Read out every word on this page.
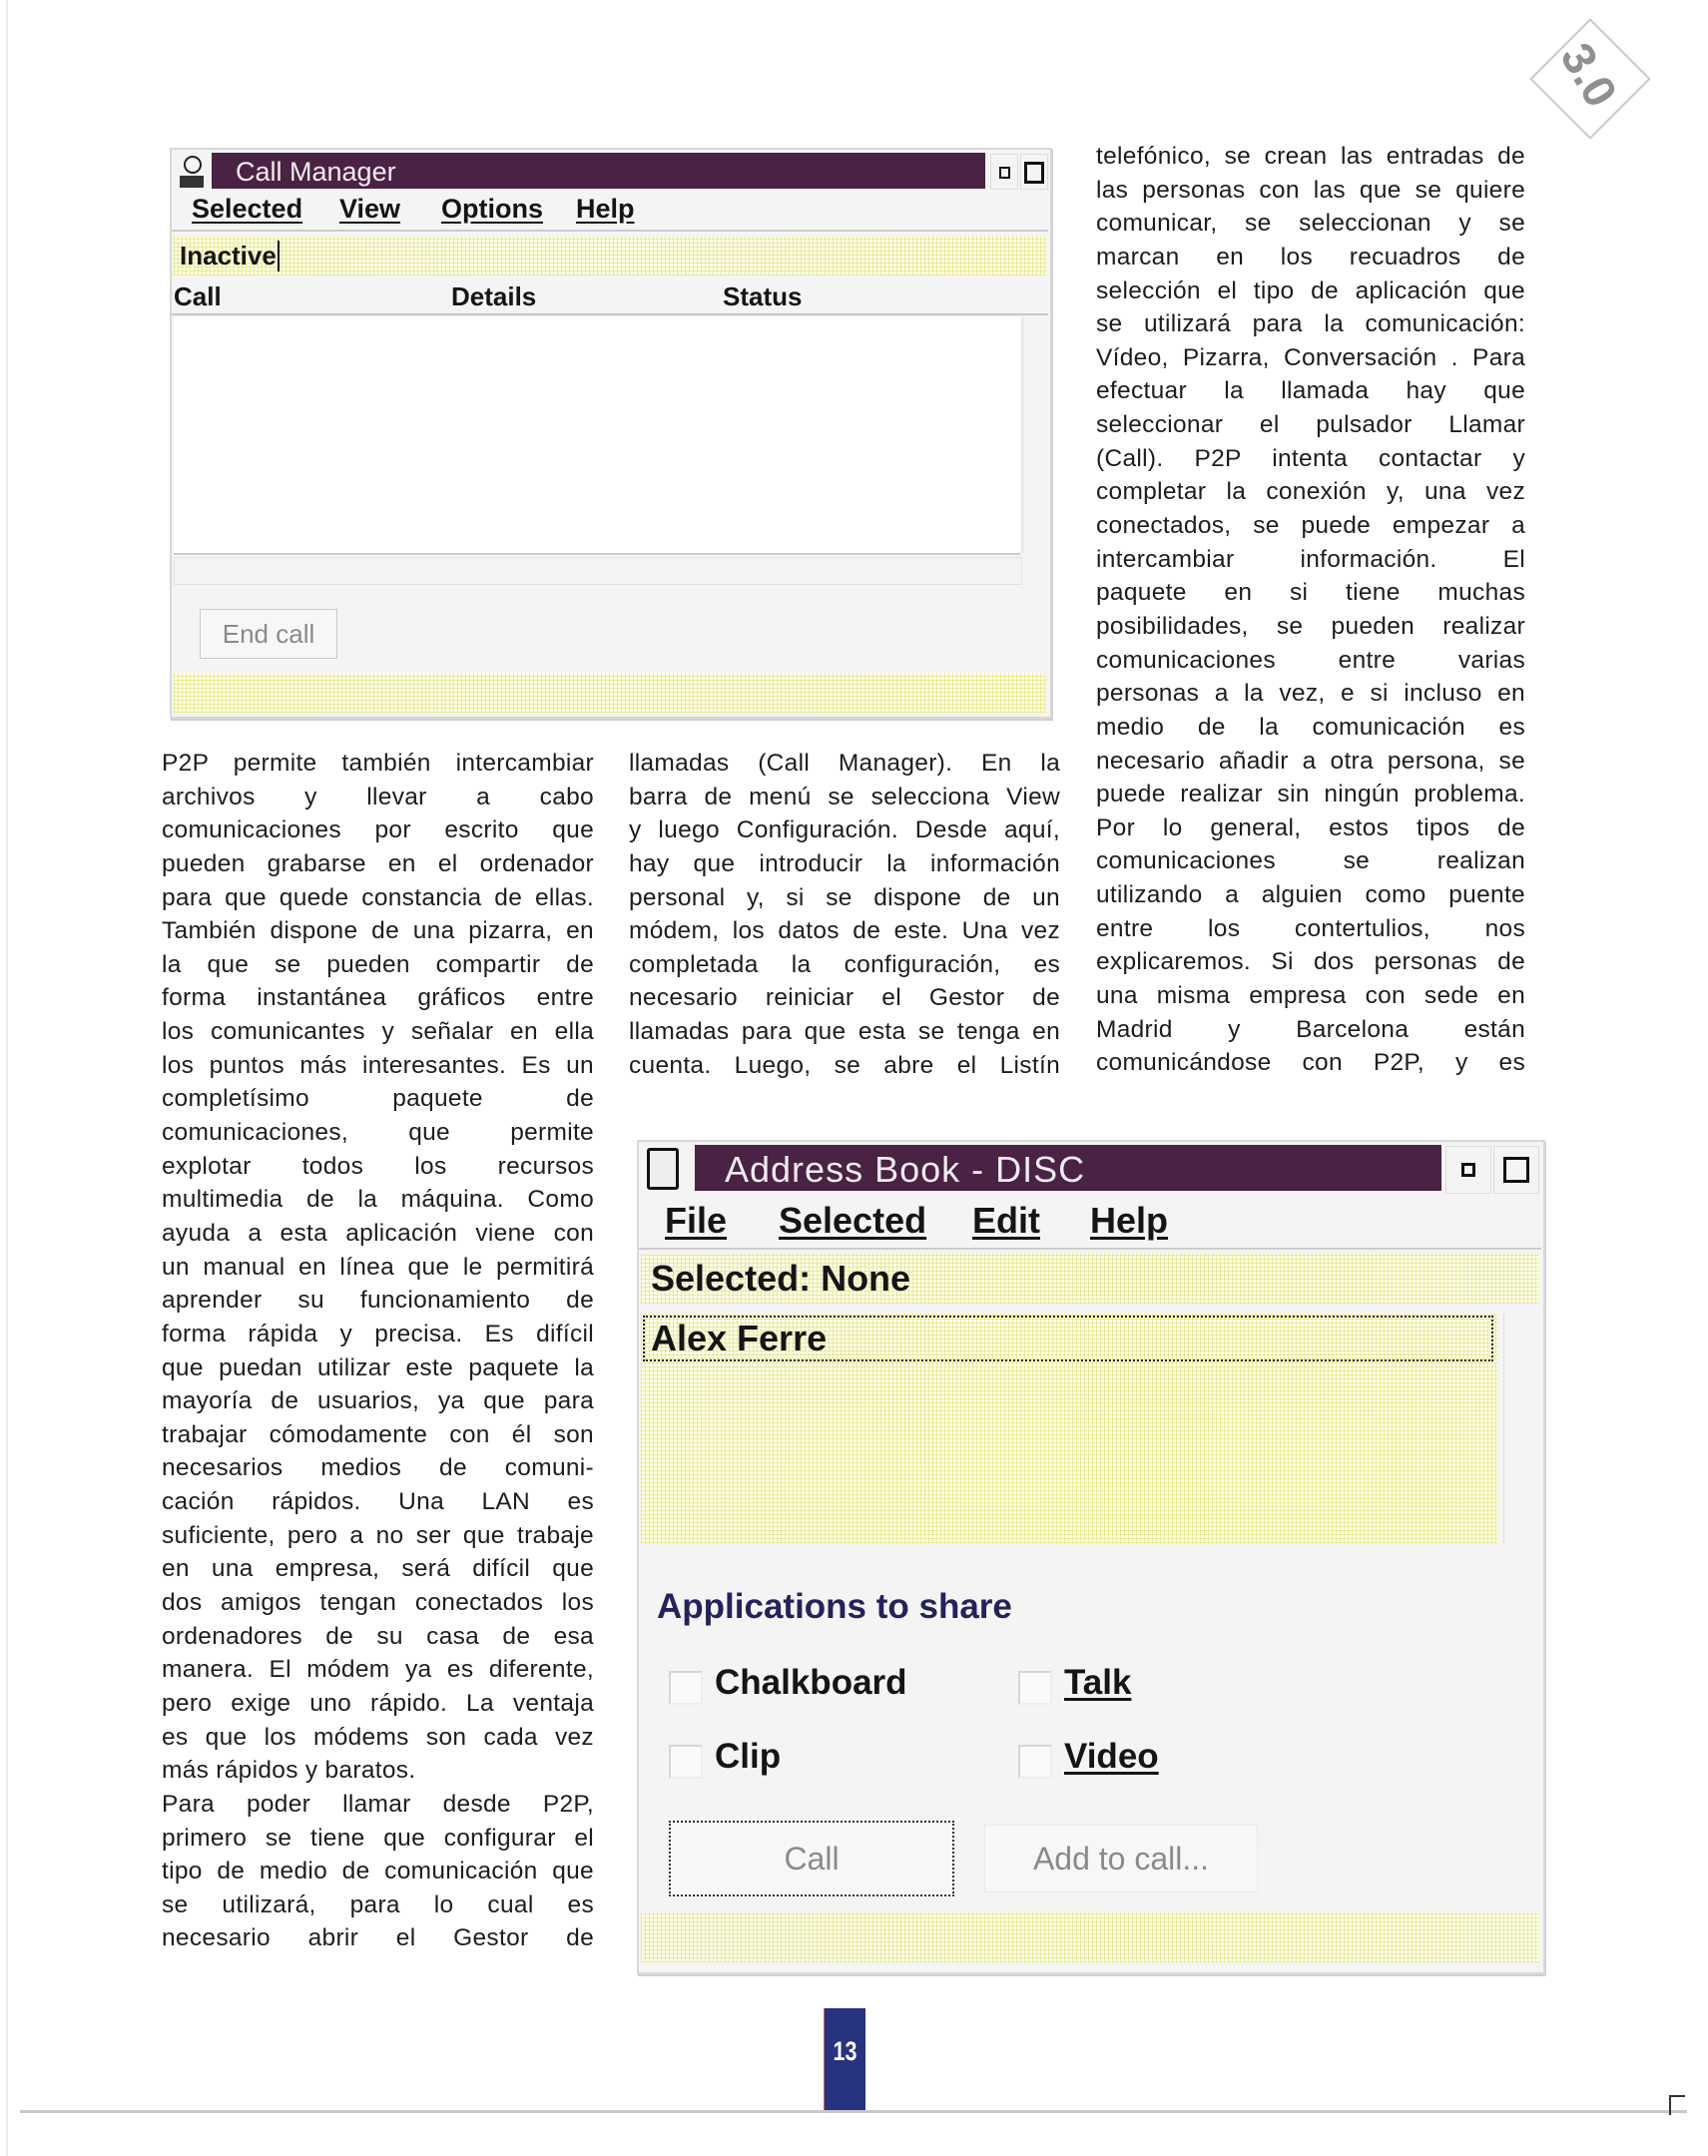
3.0
Call Manager
Selected View Options Help
Inactive
Call	Details	Status
End call
P2P permite también intercambiar
archivos y llevar a cabo
comunicaciones por escrito que
pueden grabarse en el ordenador
para que quede constancia de ellas.
También dispone de una pizarra, en
la que se pueden compartir de
forma instantánea gráficos entre
los comunicantes y señalar en ella
los puntos más interesantes. Es un
completísimo paquete de
comunicaciones, que permite
explotar todos los recursos
multimedia de la máquina. Como
ayuda a esta aplicación viene con
un manual en línea que le permitirá
aprender su funcionamiento de
forma rápida y precisa. Es difícil
que puedan utilizar este paquete la
mayoría de usuarios, ya que para
trabajar cómodamente con él son
necesarios medios de comuni-
cación rápidos. Una LAN es
suficiente, pero a no ser que trabaje
en una empresa, será difícil que
dos amigos tengan conectados los
ordenadores de su casa de esa
manera. El módem ya es diferente,
pero exige uno rápido. La ventaja
es que los módems son cada vez
más rápidos y baratos.
Para poder llamar desde P2P,
primero se tiene que configurar el
tipo de medio de comunicación que
se utilizará, para lo cual es
necesario abrir el Gestor de
llamadas (Call Manager). En la
barra de menú se selecciona View
y luego Configuración. Desde aquí,
hay que introducir la información
personal y, si se dispone de un
módem, los datos de este. Una vez
completada la configuración, es
necesario reiniciar el Gestor de
llamadas para que esta se tenga en
cuenta. Luego, se abre el Listín
telefónico, se crean las entradas de
las personas con las que se quiere
comunicar, se seleccionan y se
marcan en los recuadros de
selección el tipo de aplicación que
se utilizará para la comunicación:
Vídeo, Pizarra, Conversación . Para
efectuar la llamada hay que
seleccionar el pulsador Llamar
(Call). P2P intenta contactar y
completar la conexión y, una vez
conectados, se puede empezar a
intercambiar información. El
paquete en si tiene muchas
posibilidades, se pueden realizar
comunicaciones entre varias
personas a la vez, e si incluso en
medio de la comunicación es
necesario añadir a otra persona, se
puede realizar sin ningún problema.
Por lo general, estos tipos de
comunicaciones se realizan
utilizando a alguien como puente
entre los contertulios, nos
explicaremos. Si dos personas de
una misma empresa con sede en
Madrid y Barcelona están
comunicándose con P2P, y es
Address Book - DISC
File Selected Edit Help
Selected: None
Alex Ferre
Applications to share
Chalkboard	Talk
Clip	Video
Call	Add to call...
13
